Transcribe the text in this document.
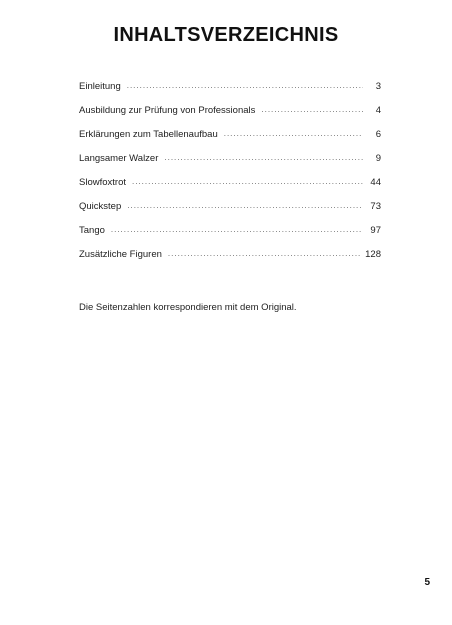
INHALTSVERZEICHNIS
Einleitung .....	3
Ausbildung zur Prüfung von Professionals .....	4
Erklärungen zum Tabellenaufbau .....	6
Langsamer Walzer .....	9
Slowfoxtrot .....	44
Quickstep .....	73
Tango .....	97
Zusätzliche Figuren .....	128
Die Seitenzahlen korrespondieren mit dem Original.
5
